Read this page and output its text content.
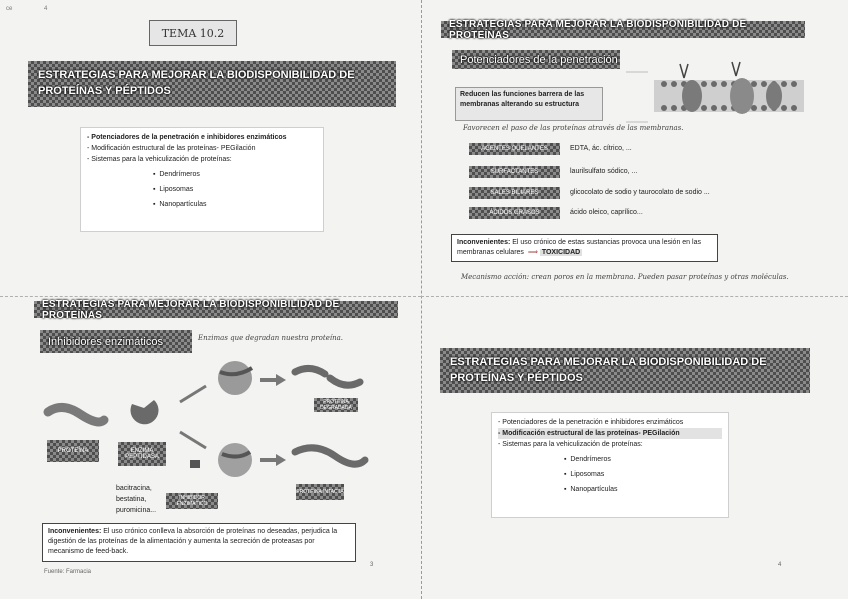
ce	4
TEMA 10.2
ESTRATEGIAS PARA MEJORAR LA BIODISPONIBILIDAD DE PROTEÍNAS Y PÉPTIDOS
- Potenciadores de la penetración e inhibidores enzimáticos
- Modificación estructural de las proteínas- PEGilación
- Sistemas para la vehiculización de proteínas:
▪  Dendrímeros
▪  Liposomas
▪  Nanopartículas
ESTRATEGIAS PARA MEJORAR LA BIODISPONIBILIDAD DE PROTEÍNAS
Potenciadores de la penetración
Reducen las funciones barrera de las membranas alterando su estructura
Favorecen el paso de las proteínas através de las membranas.
AGENTES QUELANTES	EDTA, ác. cítrico, ...
SURFACTANTES	laurilsulfato sódico, ...
SALES BILIARES	glicocolato de sodio y taurocolato de sodio ...
ÁCIDOS GRASOS	ácido oleico, caprílico...
Inconvenientes: El uso crónico de estas sustancias provoca una lesión en las membranas celulares  ⟹ TOXICIDAD
Mecanismo acción: crean poros en la membrana. Pueden pasar proteínas y otras moléculas.
ESTRATEGIAS PARA MEJORAR LA BIODISPONIBILIDAD DE PROTEÍNAS
Inhibidores enzimáticos	Enzimas que degradan nuestra proteína.
PROTEÍNA	ENZIMA PEPTIDASA
INHIBIDOR ENZIMÁTICO
PROTEÍNA DEGRADADA
PROTEÍNA INTACTA
bacitracina,
bestatina,
puromicina...
Inconvenientes: El uso crónico conlleva la absorción de proteínas no deseadas, perjudica la digestión de las proteínas de la alimentación y aumenta la secreción de proteasas por mecanismo de feed-back.
Fuente: Farmacia
3
ESTRATEGIAS PARA MEJORAR LA BIODISPONIBILIDAD DE PROTEÍNAS Y PÉPTIDOS
- Potenciadores de la penetración e inhibidores enzimáticos
- Modificación estructural de las proteínas- PEGilación
- Sistemas para la vehiculización de proteínas:
▪  Dendrímeros
▪  Liposomas
▪  Nanopartículas
4
